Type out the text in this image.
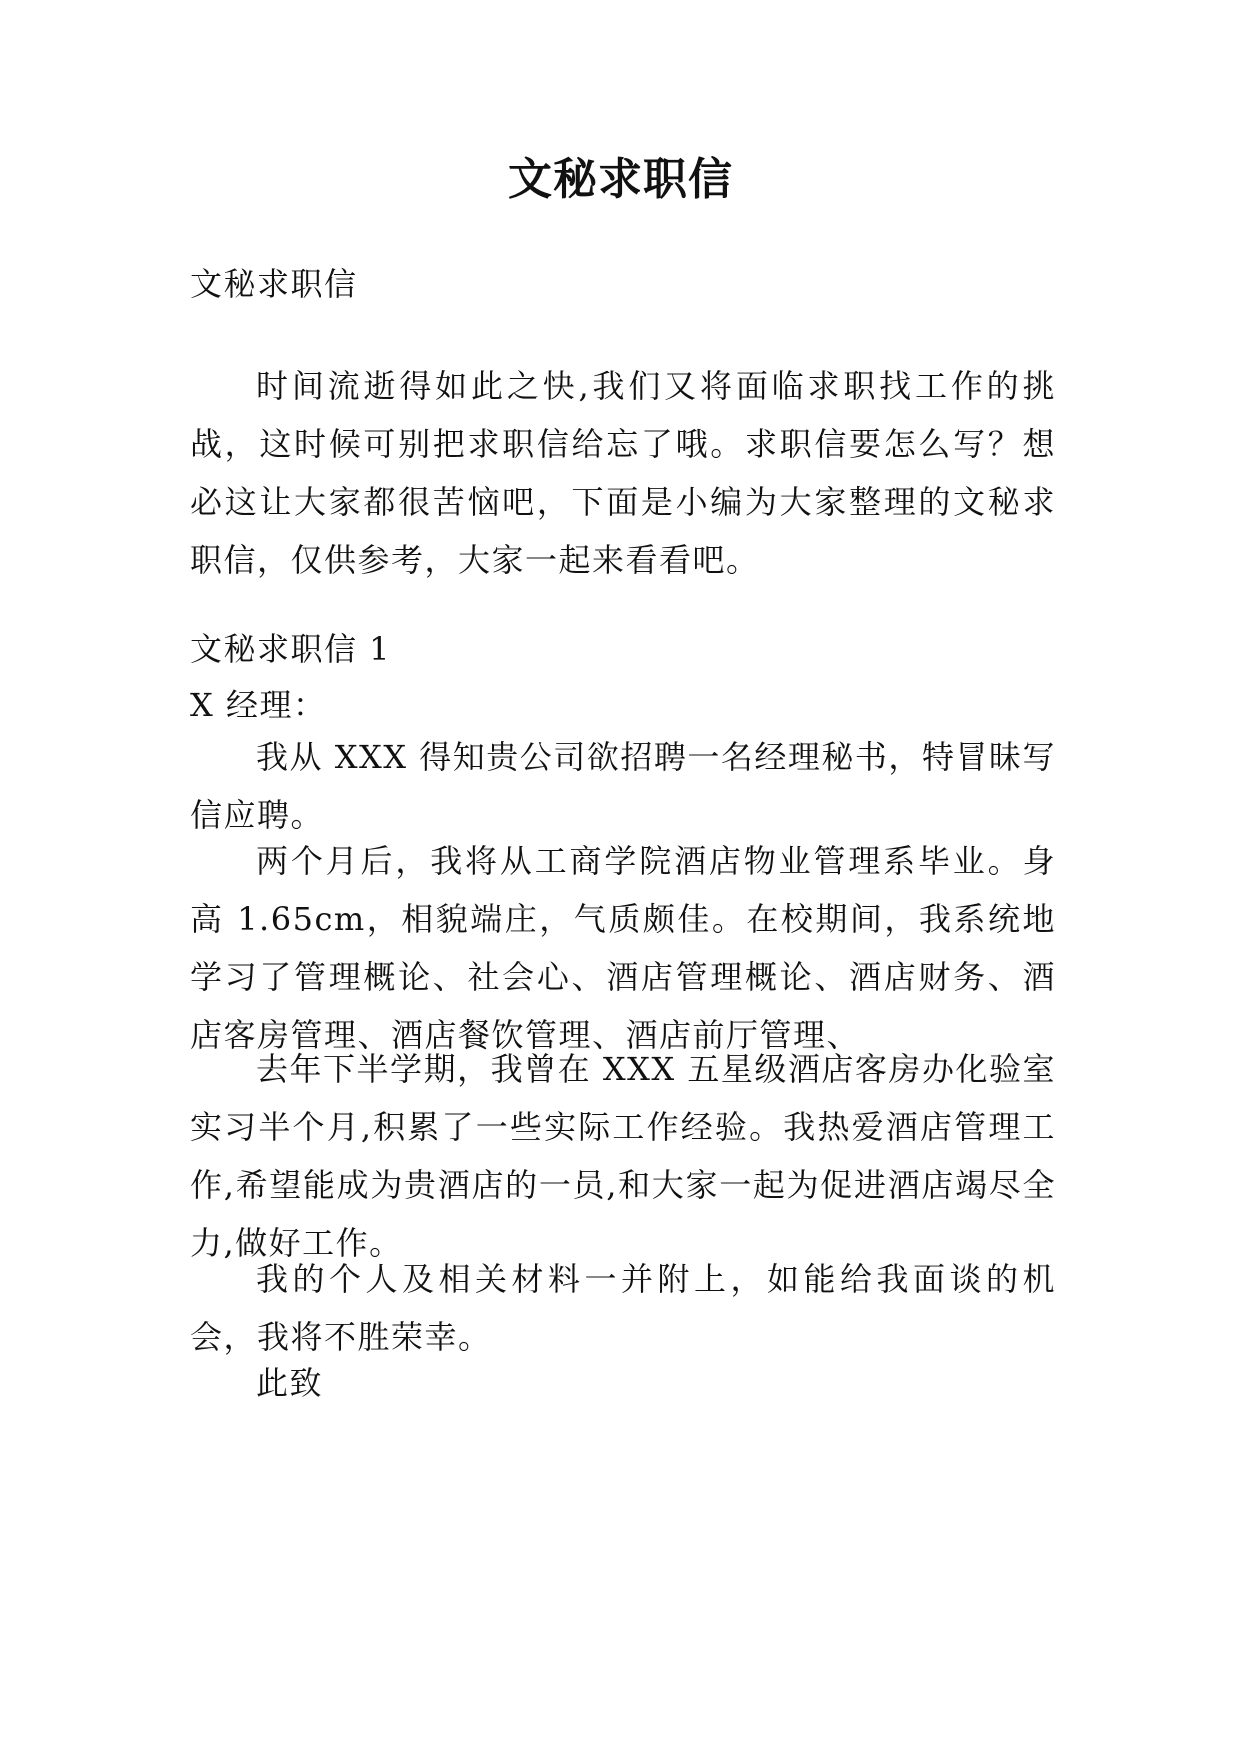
文秘求职信

文秘求职信

时间流逝得如此之快,我们又将面临求职找工作的挑战，这时候可别把求职信给忘了哦。求职信要怎么写？想必这让大家都很苦恼吧，下面是小编为大家整理的文秘求职信，仅供参考，大家一起来看看吧。

文秘求职信 1

X 经理：

我从 XXX 得知贵公司欲招聘一名经理秘书，特冒昧写信应聘。

两个月后，我将从工商学院酒店物业管理系毕业。身高 1.65cm，相貌端庄，气质颇佳。在校期间，我系统地学习了管理概论、社会心、酒店管理概论、酒店财务、酒店客房管理、酒店餐饮管理、酒店前厅管理、

去年下半学期，我曾在 XXX 五星级酒店客房办化验室实习半个月,积累了一些实际工作经验。我热爱酒店管理工作,希望能成为贵酒店的一员,和大家一起为促进酒店竭尽全力,做好工作。

我的个人及相关材料一并附上，如能给我面谈的机会，我将不胜荣幸。

此致
